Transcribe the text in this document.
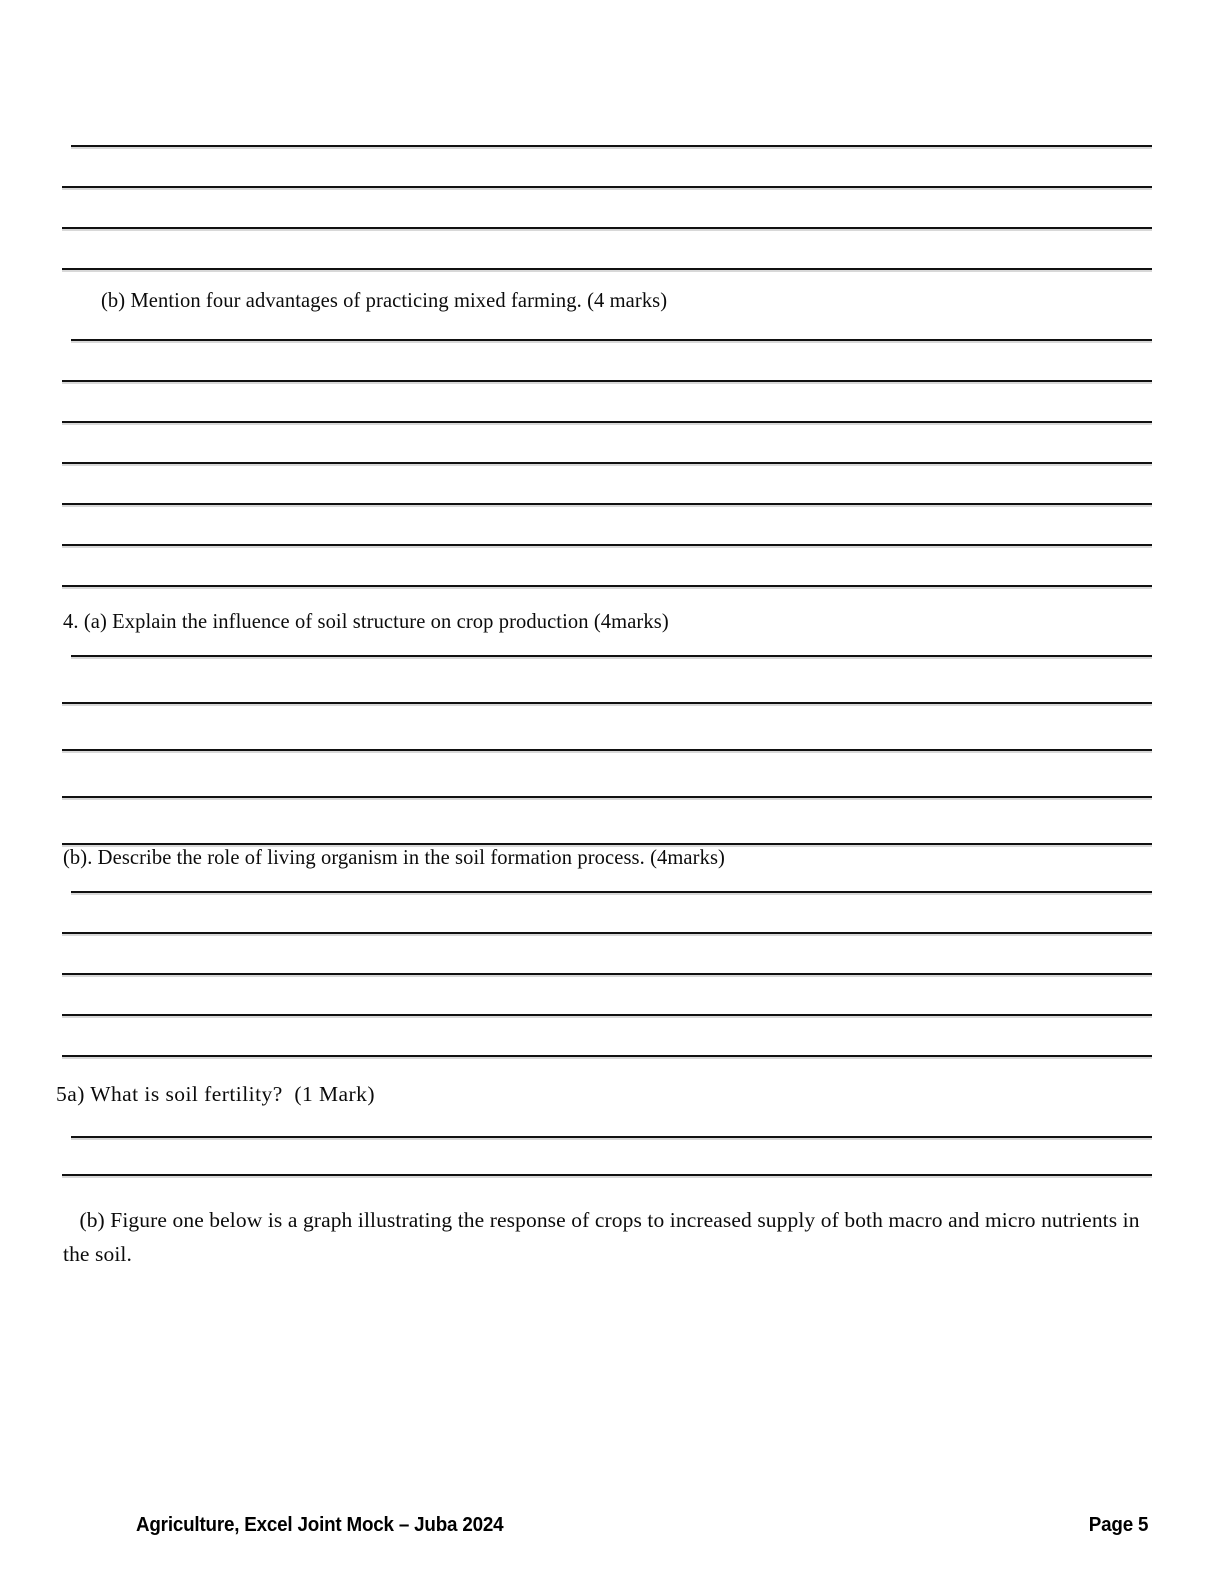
(b) Mention four advantages of practicing mixed farming. (4 marks)
4. (a) Explain the influence of soil structure on crop production (4marks)
(b). Describe the role of living organism in the soil formation process. (4marks)
5a) What is soil fertility?  (1 Mark)
(b) Figure one below is a graph illustrating the response of crops to increased supply of both macro and micro nutrients in the soil.
Agriculture, Excel Joint Mock – Juba 2024	Page 5
